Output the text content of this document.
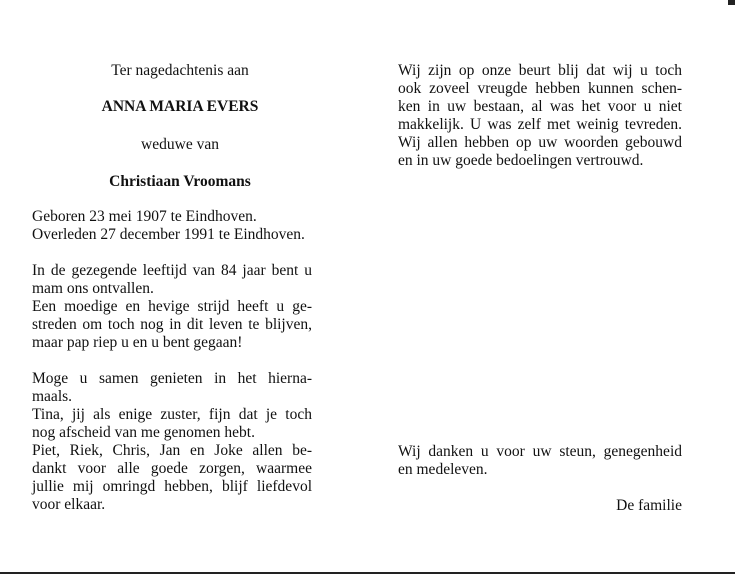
Ter nagedachtenis aan
ANNA MARIA EVERS
weduwe van
Christiaan Vroomans
Geboren 23 mei 1907 te Eindhoven.
Overleden 27 december 1991 te Eindhoven.
In de gezegende leeftijd van 84 jaar bent u
mam ons ontvallen.
Een moedige en hevige strijd heeft u ge-
streden om toch nog in dit leven te blijven,
maar pap riep u en u bent gegaan!
Moge u samen genieten in het hierna-
maals.
Tina, jij als enige zuster, fijn dat je toch
nog afscheid van me genomen hebt.
Piet, Riek, Chris, Jan en Joke allen be-
dankt voor alle goede zorgen, waarmee
jullie mij omringd hebben, blijf liefdevol
voor elkaar.
Wij zijn op onze beurt blij dat wij u toch
ook zoveel vreugde hebben kunnen schen-
ken in uw bestaan, al was het voor u niet
makkelijk. U was zelf met weinig tevreden.
Wij allen hebben op uw woorden gebouwd
en in uw goede bedoelingen vertrouwd.
Wij danken u voor uw steun, genegenheid
en medeleven.
De familie
